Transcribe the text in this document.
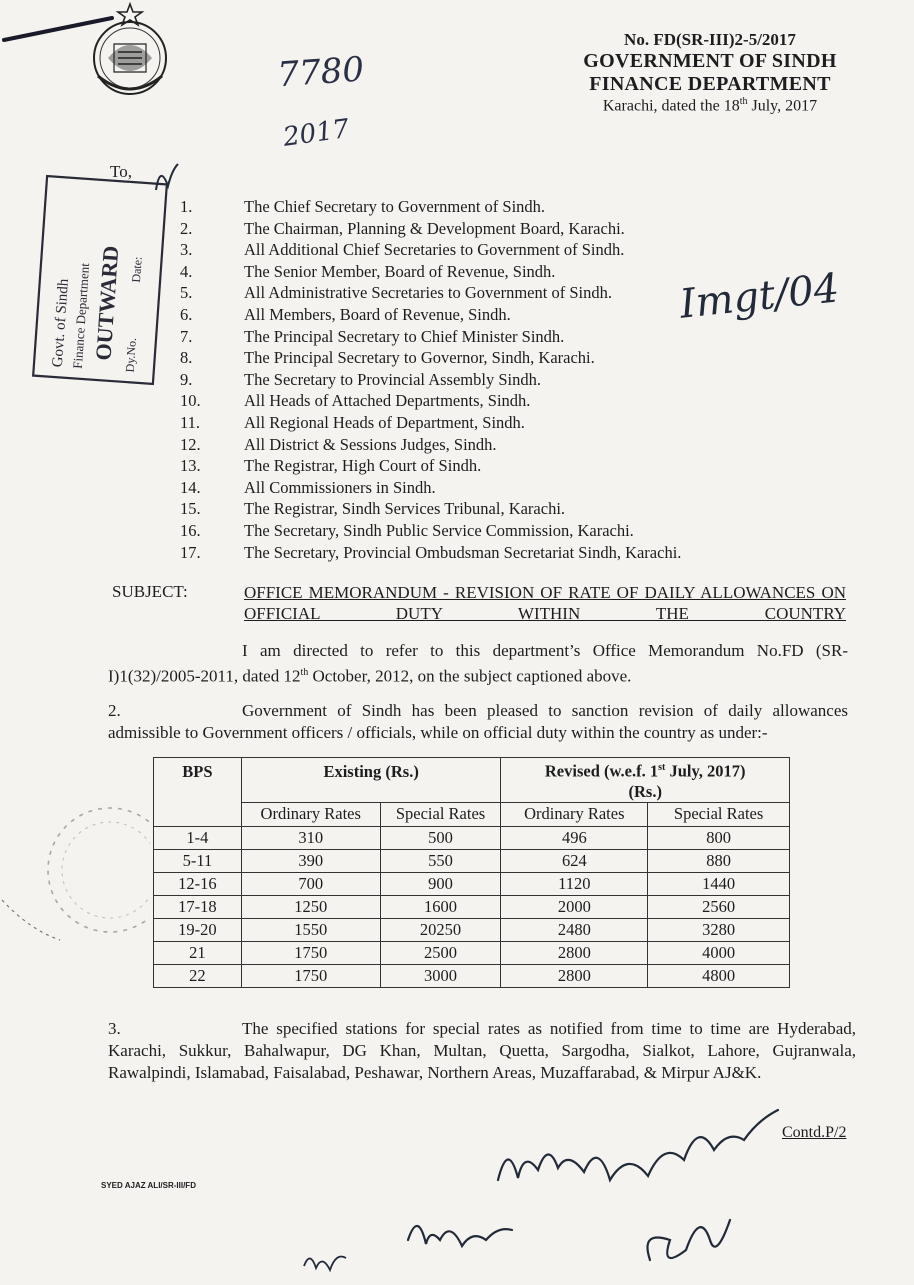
7780
2017
No. FD(SR-III)2-5/2017
GOVERNMENT OF SINDH
FINANCE DEPARTMENT
Karachi, dated the 18th July, 2017
Govt. of Sindh
Finance Department
OUTWARD Dy.No.
Date:
To,
1.	The Chief Secretary to Government of Sindh.
2.	The Chairman, Planning & Development Board, Karachi.
3.	All Additional Chief Secretaries to Government of Sindh.
4.	The Senior Member, Board of Revenue, Sindh.
5.	All Administrative Secretaries to Government of Sindh.
6.	All Members, Board of Revenue, Sindh.
7.	The Principal Secretary to Chief Minister Sindh.
8.	The Principal Secretary to Governor, Sindh, Karachi.
9.	The Secretary to Provincial Assembly Sindh.
10.	All Heads of Attached Departments, Sindh.
11.	All Regional Heads of Department, Sindh.
12.	All District & Sessions Judges, Sindh.
13.	The Registrar, High Court of Sindh.
14.	All Commissioners in Sindh.
15.	The Registrar, Sindh Services Tribunal, Karachi.
16.	The Secretary, Sindh Public Service Commission, Karachi.
17.	The Secretary, Provincial Ombudsman Secretariat Sindh, Karachi.
Imgt/04
SUBJECT:	OFFICE MEMORANDUM - REVISION OF RATE OF DAILY ALLOWANCES ON OFFICIAL DUTY WITHIN THE COUNTRY
I am directed to refer to this department’s Office Memorandum No.FD (SR-I)1(32)/2005-2011, dated 12th October, 2012, on the subject captioned above.
2.	Government of Sindh has been pleased to sanction revision of daily allowances admissible to Government officers / officials, while on official duty within the country as under:-
BPS	Existing (Rs.)		Revised (w.e.f. 1st July, 2017)
(Rs.)	
	Ordinary Rates	Special Rates	Ordinary Rates	Special Rates
1-4	310	500	496	800
5-11	390	550	624	880
12-16	700	900	1120	1440
17-18	1250	1600	2000	2560
19-20	1550	20250	2480	3280
21	1750	2500	2800	4000
22	1750	3000	2800	4800
3.	The specified stations for special rates as notified from time to time are Hyderabad, Karachi, Sukkur, Bahalwapur, DG Khan, Multan, Quetta, Sargodha, Sialkot, Lahore, Gujranwala, Rawalpindi, Islamabad, Faisalabad, Peshawar, Northern Areas, Muzaffarabad, & Mirpur AJ&K.
Contd.P/2
SYED AJAZ ALI/SR-III/FD
